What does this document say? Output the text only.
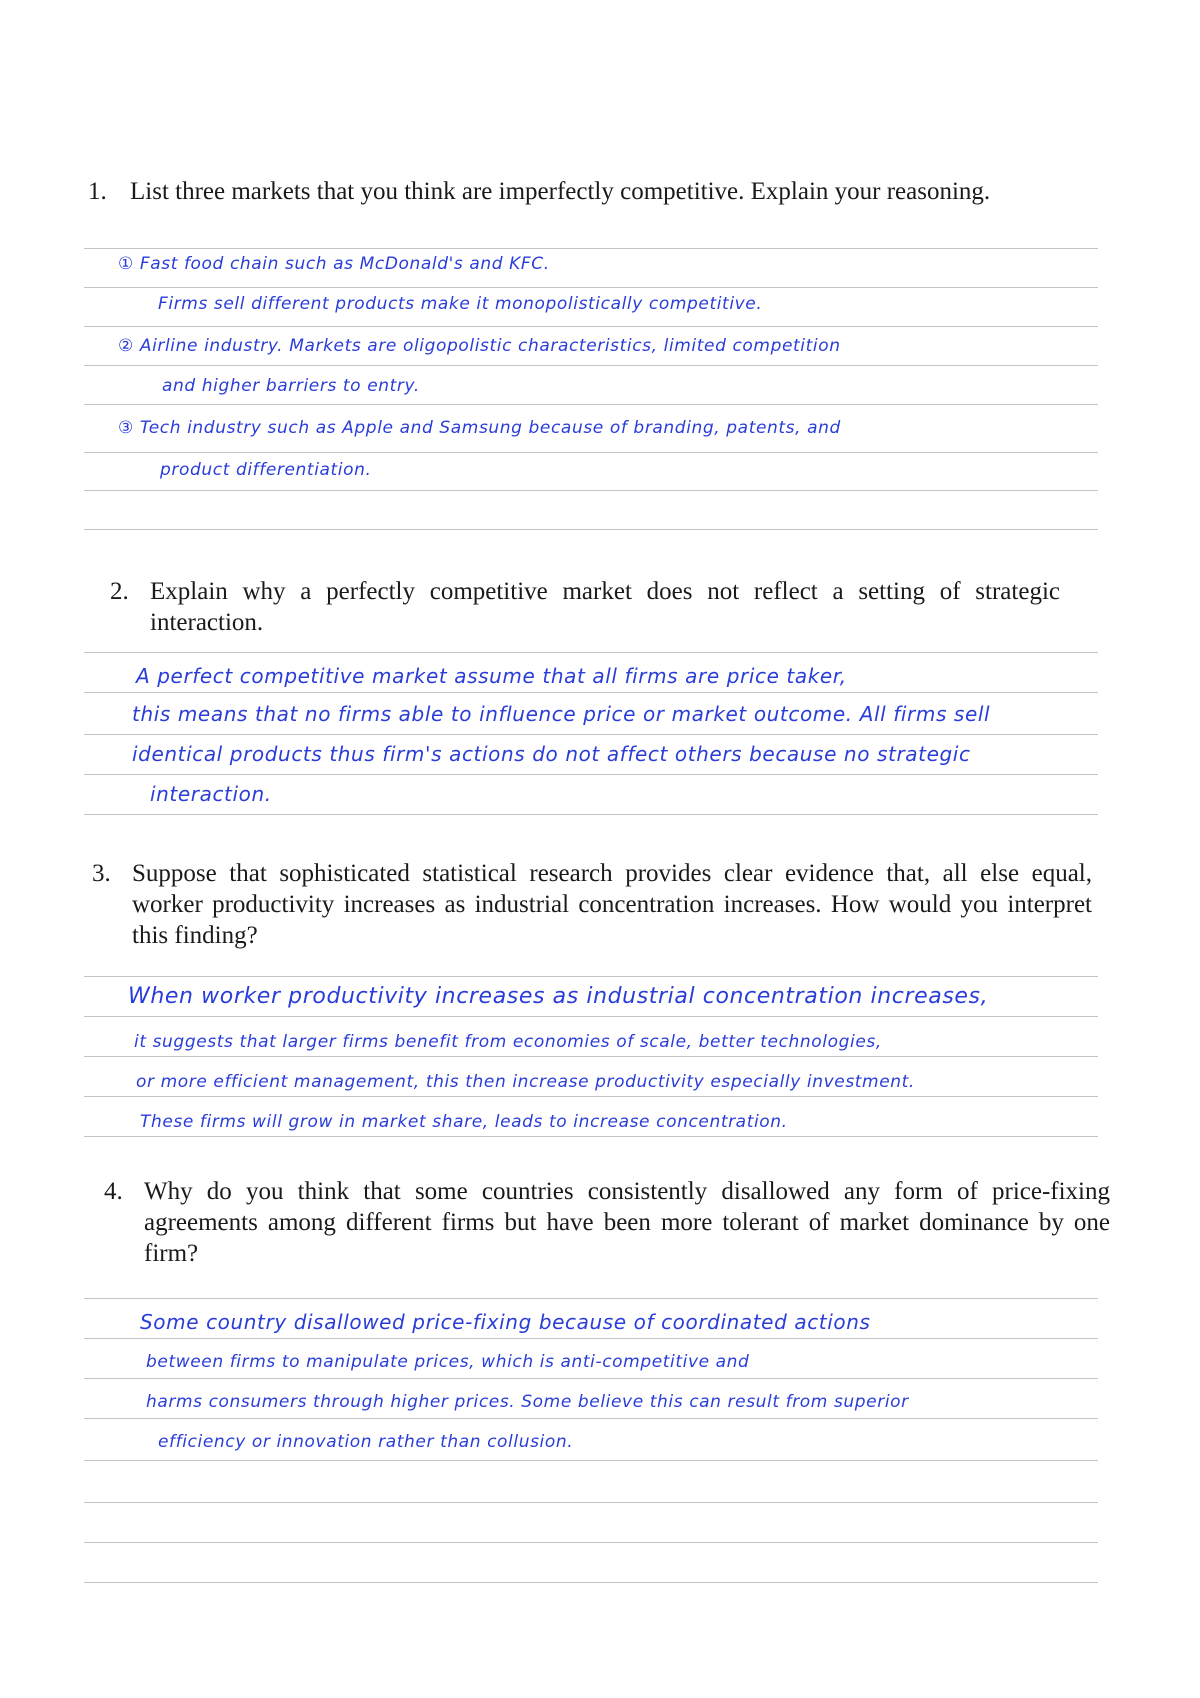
1. List three markets that you think are imperfectly competitive. Explain your reasoning.
① Fast food chain such as McDonald's and KFC.
Firms sell different products make it monopolistically competitive.
② Airline industry. Markets are oligopolistic characteristics, limited competition
and higher barriers to entry.
③ Tech industry such as Apple and Samsung because of branding, patents, and
product differentiation.
2. Explain why a perfectly competitive market does not reflect a setting of strategic interaction.
A perfect competitive market assume that all firms are price taker,
this means that no firms able to influence price or market outcome. All firms sell
identical products thus firm's actions do not affect others because no strategic
interaction.
3. Suppose that sophisticated statistical research provides clear evidence that, all else equal, worker productivity increases as industrial concentration increases. How would you interpret this finding?
When worker productivity increases as industrial concentration increases,
it suggests that larger firms benefit from economies of scale, better technologies,
or more efficient management, this then increase productivity especially investment.
These firms will grow in market share, leads to increase concentration.
4. Why do you think that some countries consistently disallowed any form of price-fixing agreements among different firms but have been more tolerant of market dominance by one firm?
Some country disallowed price-fixing because of coordinated actions
between firms to manipulate prices, which is anti-competitive and
harms consumers through higher prices. Some believe this can result from superior
efficiency or innovation rather than collusion.
